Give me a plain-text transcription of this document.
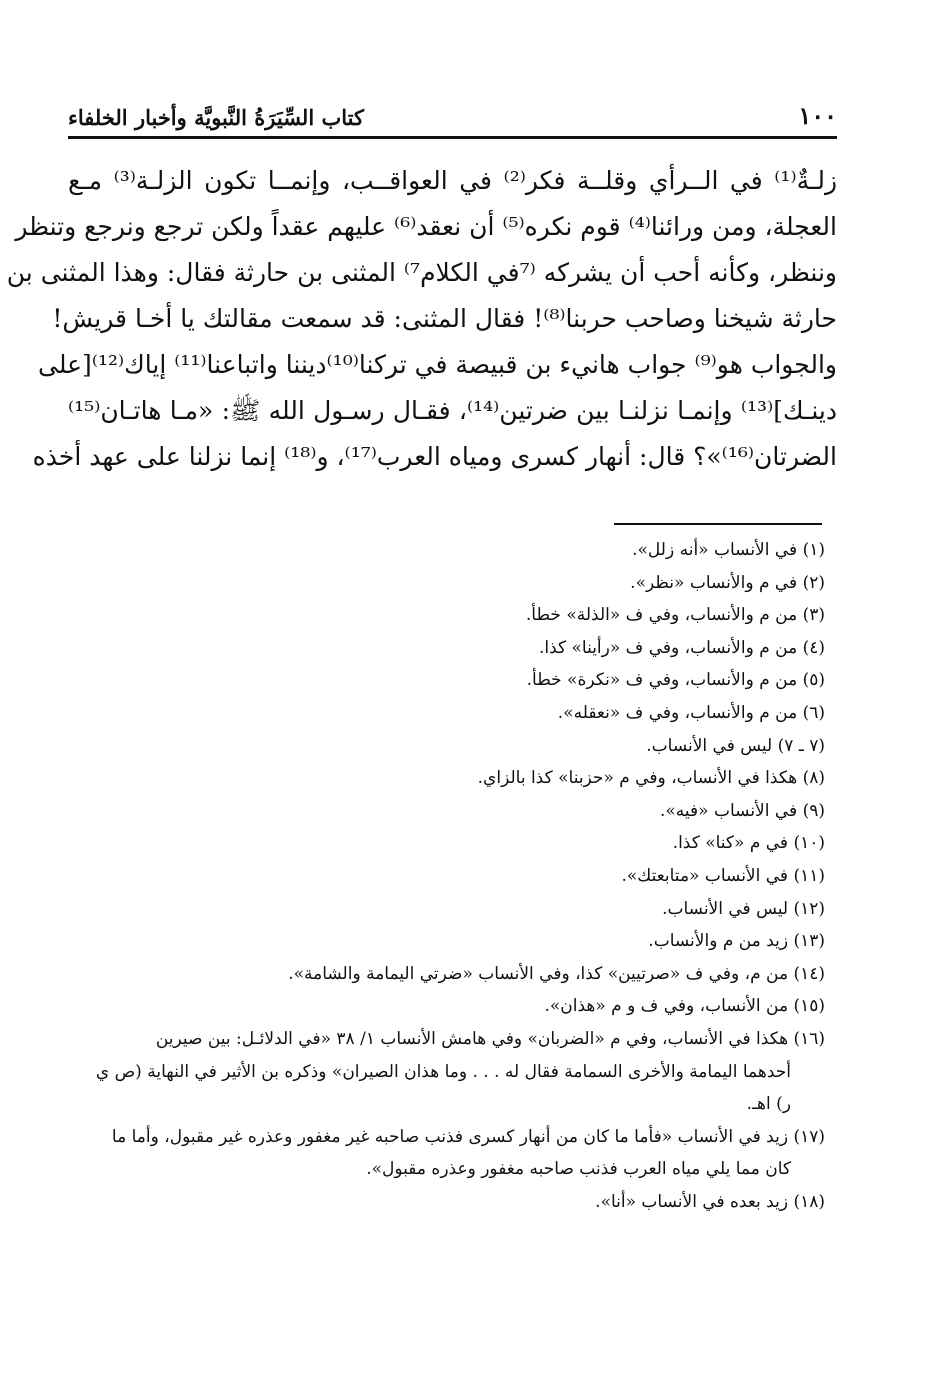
١٠٠
كتاب السِّيَرَةُ النَّبويَّة وأخبار الخلفاء
زلـةٌ⁽¹⁾ في الــرأي وقلــة فكر⁽²⁾ في العواقــب، وإنمــا تكون الزلـة⁽³⁾ مـع
العجلة، ومن ورائنا⁽⁴⁾ قوم نكره⁽⁵⁾ أن نعقد⁽⁶⁾ عليهم عقداً ولكن ترجع ونرجع وتنظر
وننظر، وكأنه أحب أن يشركه ⁽⁷في الكلام⁷⁾ المثنى بن حارثة فقال: وهذا المثنى بن
حارثة شيخنا وصاحب حربنا⁽⁸⁾! فقال المثنى: قد سمعت مقالتك يا أخـا قريش!
والجواب هو⁽⁹⁾ جواب هانيء بن قبيصة في تركنا⁽¹⁰⁾ديننا واتباعنا⁽¹¹⁾ إياك⁽¹²⁾[على
دينـك]⁽¹³⁾ وإنمـا نزلنـا بين ضرتين⁽¹⁴⁾، فقـال رسـول الله ﷺ: «مـا هاتـان⁽¹⁵⁾
الضرتان⁽¹⁶⁾»؟ قال: أنهار كسرى ومياه العرب⁽¹⁷⁾، و⁽¹⁸⁾ إنما نزلنا على عهد أخذه
(١) في الأنساب «أنه زلل».
(٢) في م والأنساب «نظر».
(٣) من م والأنساب، وفي ف «الذلة» خطأ.
(٤) من م والأنساب، وفي ف «رأينا» كذا.
(٥) من م والأنساب، وفي ف «نكرة» خطأ.
(٦) من م والأنساب، وفي ف «نعقله».
(٧ ـ ٧) ليس في الأنساب.
(٨) هكذا في الأنساب، وفي م «حزبنا» كذا بالزاي.
(٩) في الأنساب «فيه».
(١٠) في م «كنا» كذا.
(١١) في الأنساب «متابعتك».
(١٢) ليس في الأنساب.
(١٣) زيد من م والأنساب.
(١٤) من م، وفي ف «صرتيين» كذا، وفي الأنساب «ضرتي اليمامة والشامة».
(١٥) من الأنساب، وفي ف و م «هذان».
(١٦) هكذا في الأنساب، وفي م «الضربان» وفي هامش الأنساب ١/ ٣٨ «في الدلائـل: بين صيرين
أحدهما اليمامة والأخرى السمامة فقال له . . . وما هذان الصيران» وذكره بن الأثير في النهاية (ص ي
ر) اهـ.
(١٧) زيد في الأنساب «فأما ما كان من أنهار كسرى فذنب صاحبه غير مغفور وعذره غير مقبول، وأما ما
كان مما يلي مياه العرب فذنب صاحبه مغفور وعذره مقبول».
(١٨) زيد بعده في الأنساب «أنا».
